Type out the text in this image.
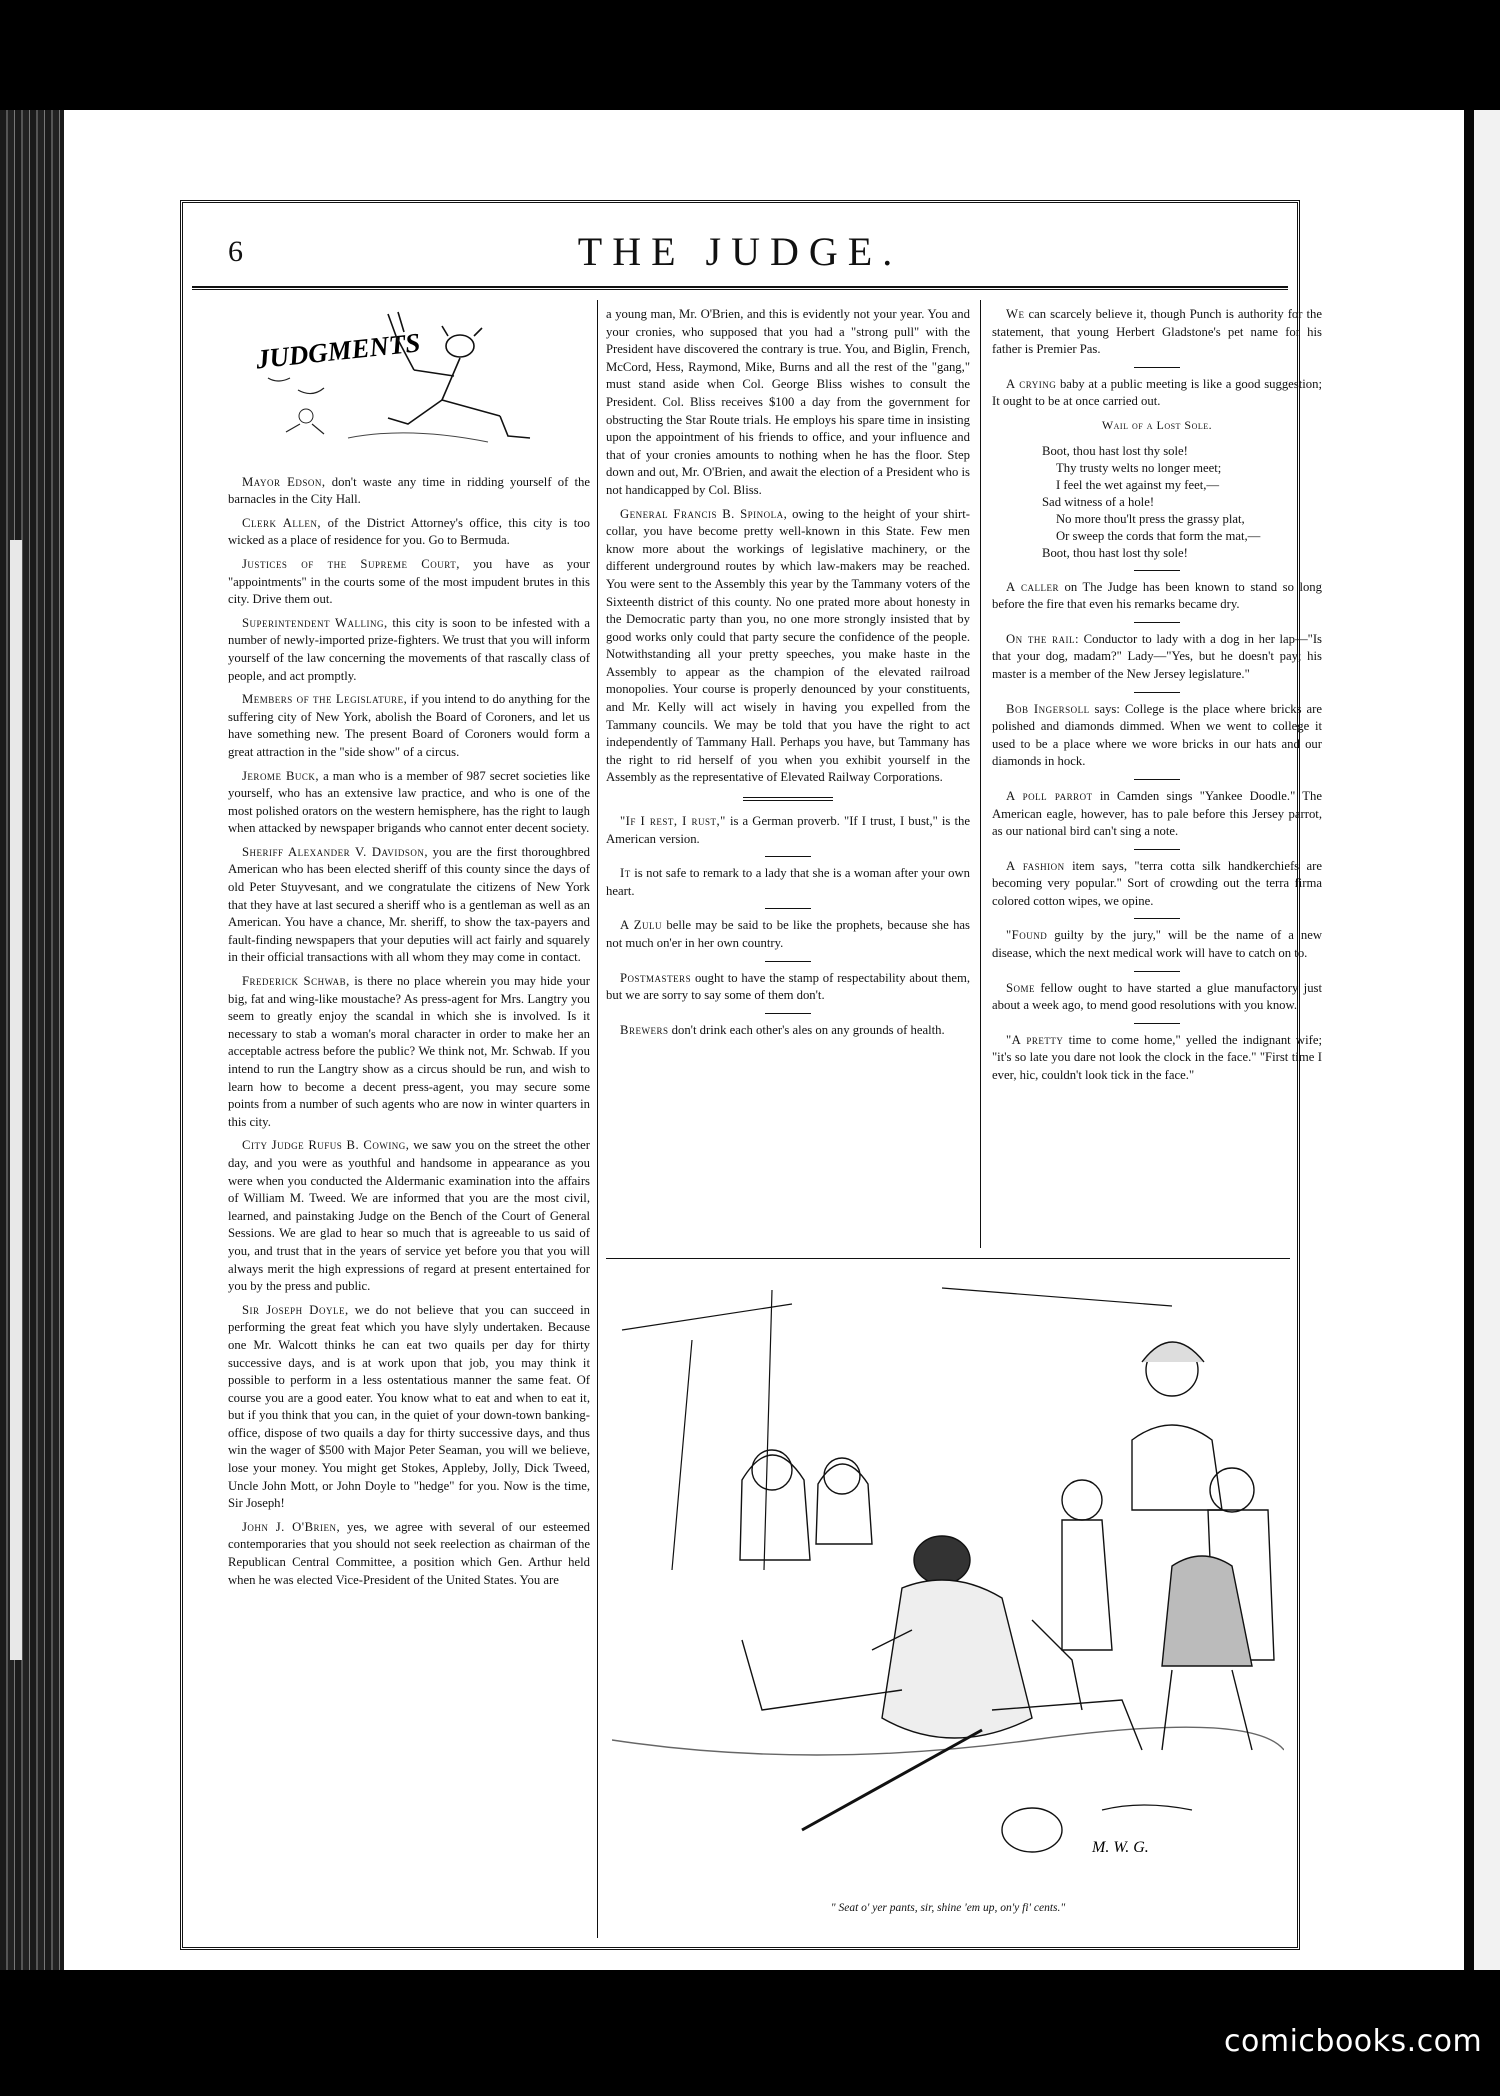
6	THE JUDGE.
JUDGMENTS

Mayor Edson, don't waste any time in ridding yourself of the barnacles in the City Hall.

Clerk Allen, of the District Attorney's office, this city is too wicked as a place of residence for you. Go to Bermuda.

Justices of the Supreme Court, you have as your "appointments" in the courts some of the most impudent brutes in this city. Drive them out.

Superintendent Walling, this city is soon to be infested with a number of newly-imported prize-fighters. We trust that you will inform yourself of the law concerning the movements of that rascally class of people, and act promptly.

Members of the Legislature, if you intend to do anything for the suffering city of New York, abolish the Board of Coroners, and let us have something new. The present Board of Coroners would form a great attraction in the "side show" of a circus.

Jerome Buck, a man who is a member of 987 secret societies like yourself, who has an extensive law practice, and who is one of the most polished orators on the western hemisphere, has the right to laugh when attacked by newspaper brigands who cannot enter decent society.

Sheriff Alexander V. Davidson, you are the first thoroughbred American who has been elected sheriff of this county since the days of old Peter Stuyvesant, and we congratulate the citizens of New York that they have at last secured a sheriff who is a gentleman as well as an American. You have a chance, Mr. sheriff, to show the tax-payers and fault-finding newspapers that your deputies will act fairly and squarely in their official transactions with all whom they may come in contact.

Frederick Schwab, is there no place wherein you may hide your big, fat and wing-like moustache? As press-agent for Mrs. Langtry you seem to greatly enjoy the scandal in which she is involved. Is it necessary to stab a woman's moral character in order to make her an acceptable actress before the public? We think not, Mr. Schwab. If you intend to run the Langtry show as a circus should be run, and wish to learn how to become a decent press-agent, you may secure some points from a number of such agents who are now in winter quarters in this city.

City Judge Rufus B. Cowing, we saw you on the street the other day, and you were as youthful and handsome in appearance as you were when you conducted the Aldermanic examination into the affairs of William M. Tweed. We are informed that you are the most civil, learned, and painstaking Judge on the Bench of the Court of General Sessions. We are glad to hear so much that is agreeable to us said of you, and trust that in the years of service yet before you that you will always merit the high expressions of regard at present entertained for you by the press and public.

Sir Joseph Doyle, we do not believe that you can succeed in performing the great feat which you have slyly undertaken. Because one Mr. Walcott thinks he can eat two quails per day for thirty successive days, and is at work upon that job, you may think it possible to perform in a less ostentatious manner the same feat. Of course you are a good eater. You know what to eat and when to eat it, but if you think that you can, in the quiet of your down-town banking-office, dispose of two quails a day for thirty successive days, and thus win the wager of $500 with Major Peter Seaman, you will we believe, lose your money. You might get Stokes, Appleby, Jolly, Dick Tweed, Uncle John Mott, or John Doyle to "hedge" for you. Now is the time, Sir Joseph!

John J. O'Brien, yes, we agree with several of our esteemed contemporaries that you should not seek reelection as chairman of the Republican Central Committee, a position which Gen. Arthur held when he was elected Vice-President of the United States. You are

a young man, Mr. O'Brien, and this is evidently not your year. You and your cronies, who supposed that you had a "strong pull" with the President have discovered the contrary is true. You, and Biglin, French, McCord, Hess, Raymond, Mike, Burns and all the rest of the "gang," must stand aside when Col. George Bliss wishes to consult the President. Col. Bliss receives $100 a day from the government for obstructing the Star Route trials. He employs his spare time in insisting upon the appointment of his friends to office, and your influence and that of your cronies amounts to nothing when he has the floor. Step down and out, Mr. O'Brien, and await the election of a President who is not handicapped by Col. Bliss.

General Francis B. Spinola, owing to the height of your shirt-collar, you have become pretty well-known in this State. Few men know more about the workings of legislative machinery, or the different underground routes by which law-makers may be reached. You were sent to the Assembly this year by the Tammany voters of the Sixteenth district of this county. No one prated more about honesty in the Democratic party than you, no one more strongly insisted that by good works only could that party secure the confidence of the people. Notwithstanding all your pretty speeches, you make haste in the Assembly to appear as the champion of the elevated railroad monopolies. Your course is properly denounced by your constituents, and Mr. Kelly will act wisely in having you expelled from the Tammany councils. We may be told that you have the right to act independently of Tammany Hall. Perhaps you have, but Tammany has the right to rid herself of you when you exhibit yourself in the Assembly as the representative of Elevated Railway Corporations.

"If I rest, I rust," is a German proverb. "If I trust, I bust," is the American version.

It is not safe to remark to a lady that she is a woman after your own heart.

A Zulu belle may be said to be like the prophets, because she has not much on'er in her own country.

Postmasters ought to have the stamp of respectability about them, but we are sorry to say some of them don't.

Brewers don't drink each other's ales on any grounds of health.

We can scarcely believe it, though Punch is authority for the statement, that young Herbert Gladstone's pet name for his father is Premier Pas.

A crying baby at a public meeting is like a good suggestion; It ought to be at once carried out.

Wail of a Lost Sole.
Boot, thou hast lost thy sole!
Thy trusty welts no longer meet;
I feel the wet against my feet,—
Sad witness of a hole!
No more thou'lt press the grassy plat,
Or sweep the cords that form the mat,—
Boot, thou hast lost thy sole!

A caller on The Judge has been known to stand so long before the fire that even his remarks became dry.

On the rail: Conductor to lady with a dog in her lap—"Is that your dog, madam?" Lady—"Yes, but he doesn't pay; his master is a member of the New Jersey legislature."

Bob Ingersoll says: College is the place where bricks are polished and diamonds dimmed. When we went to college it used to be a place where we wore bricks in our hats and our diamonds in hock.

A poll parrot in Camden sings "Yankee Doodle." The American eagle, however, has to pale before this Jersey parrot, as our national bird can't sing a note.

A fashion item says, "terra cotta silk handkerchiefs are becoming very popular." Sort of crowding out the terra firma colored cotton wipes, we opine.

"Found guilty by the jury," will be the name of a new disease, which the next medical work will have to catch on to.

Some fellow ought to have started a glue manufactory just about a week ago, to mend good resolutions with you know.

"A pretty time to come home," yelled the indignant wife; "it's so late you dare not look the clock in the face." "First time I ever, hic, couldn't look tick in the face."

M. W. G.
" Seat o' yer pants, sir, shine 'em up, on'y fi' cents."
comicbooks.com
